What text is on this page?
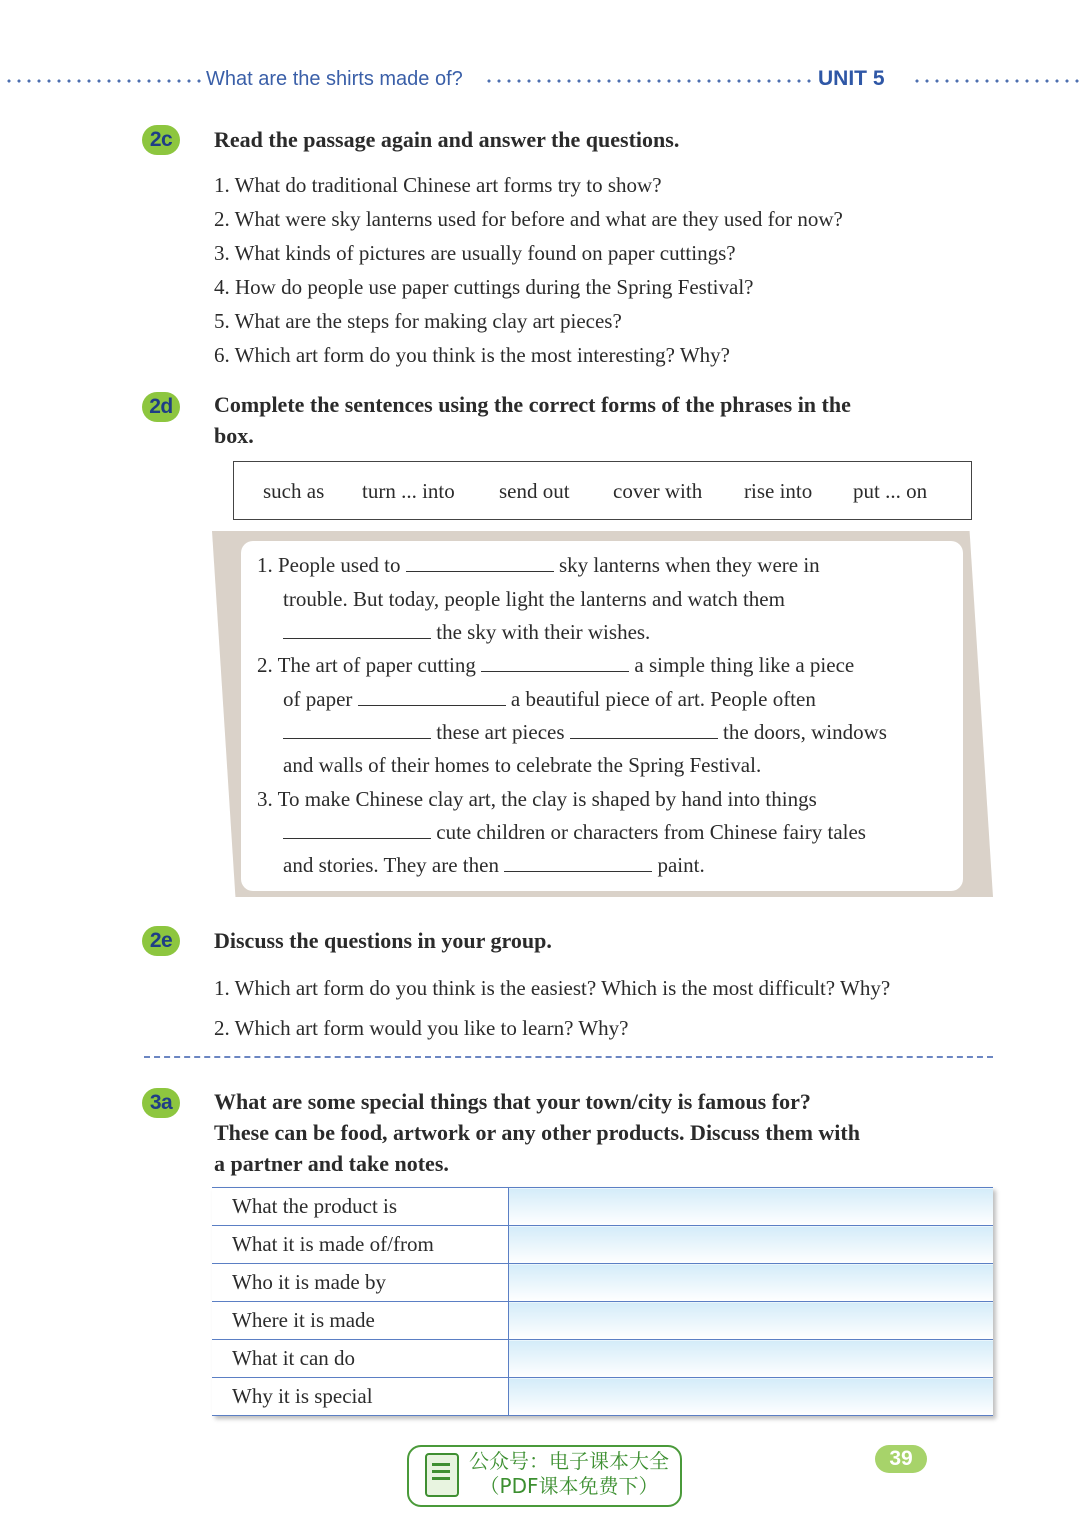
What are the shirts made of?	UNIT 5
2c	Read the passage again and answer the questions.
1. What do traditional Chinese art forms try to show?
2. What were sky lanterns used for before and what are they used for now?
3. What kinds of pictures are usually found on paper cuttings?
4. How do people use paper cuttings during the Spring Festival?
5. What are the steps for making clay art pieces?
6. Which art form do you think is the most interesting? Why?
2d	Complete the sentences using the correct forms of the phrases in the
box.
such as turn ... into send out cover with rise into put ... on
1. People used to	sky lanterns when they were in
trouble. But today, people light the lanterns and watch them
the sky with their wishes.
2. The art of paper cutting	a simple thing like a piece
of paper	a beautiful piece of art. People often
these art pieces	the doors, windows
and walls of their homes to celebrate the Spring Festival.
3. To make Chinese clay art, the clay is shaped by hand into things
cute children or characters from Chinese fairy tales
and stories. They are then	paint.
2e	Discuss the questions in your group.
1. Which art form do you think is the easiest? Which is the most difficult? Why?
2. Which art form would you like to learn? Why?
3a	What are some special things that your town/city is famous for?
These can be food, artwork or any other products. Discuss them with
a partner and take notes.
What the product is	
What it is made of/from	
Who it is made by	
Where it is made	
What it can do	
Why it is special	
公众号：电子课本大全
（PDF课本免费下）
39
